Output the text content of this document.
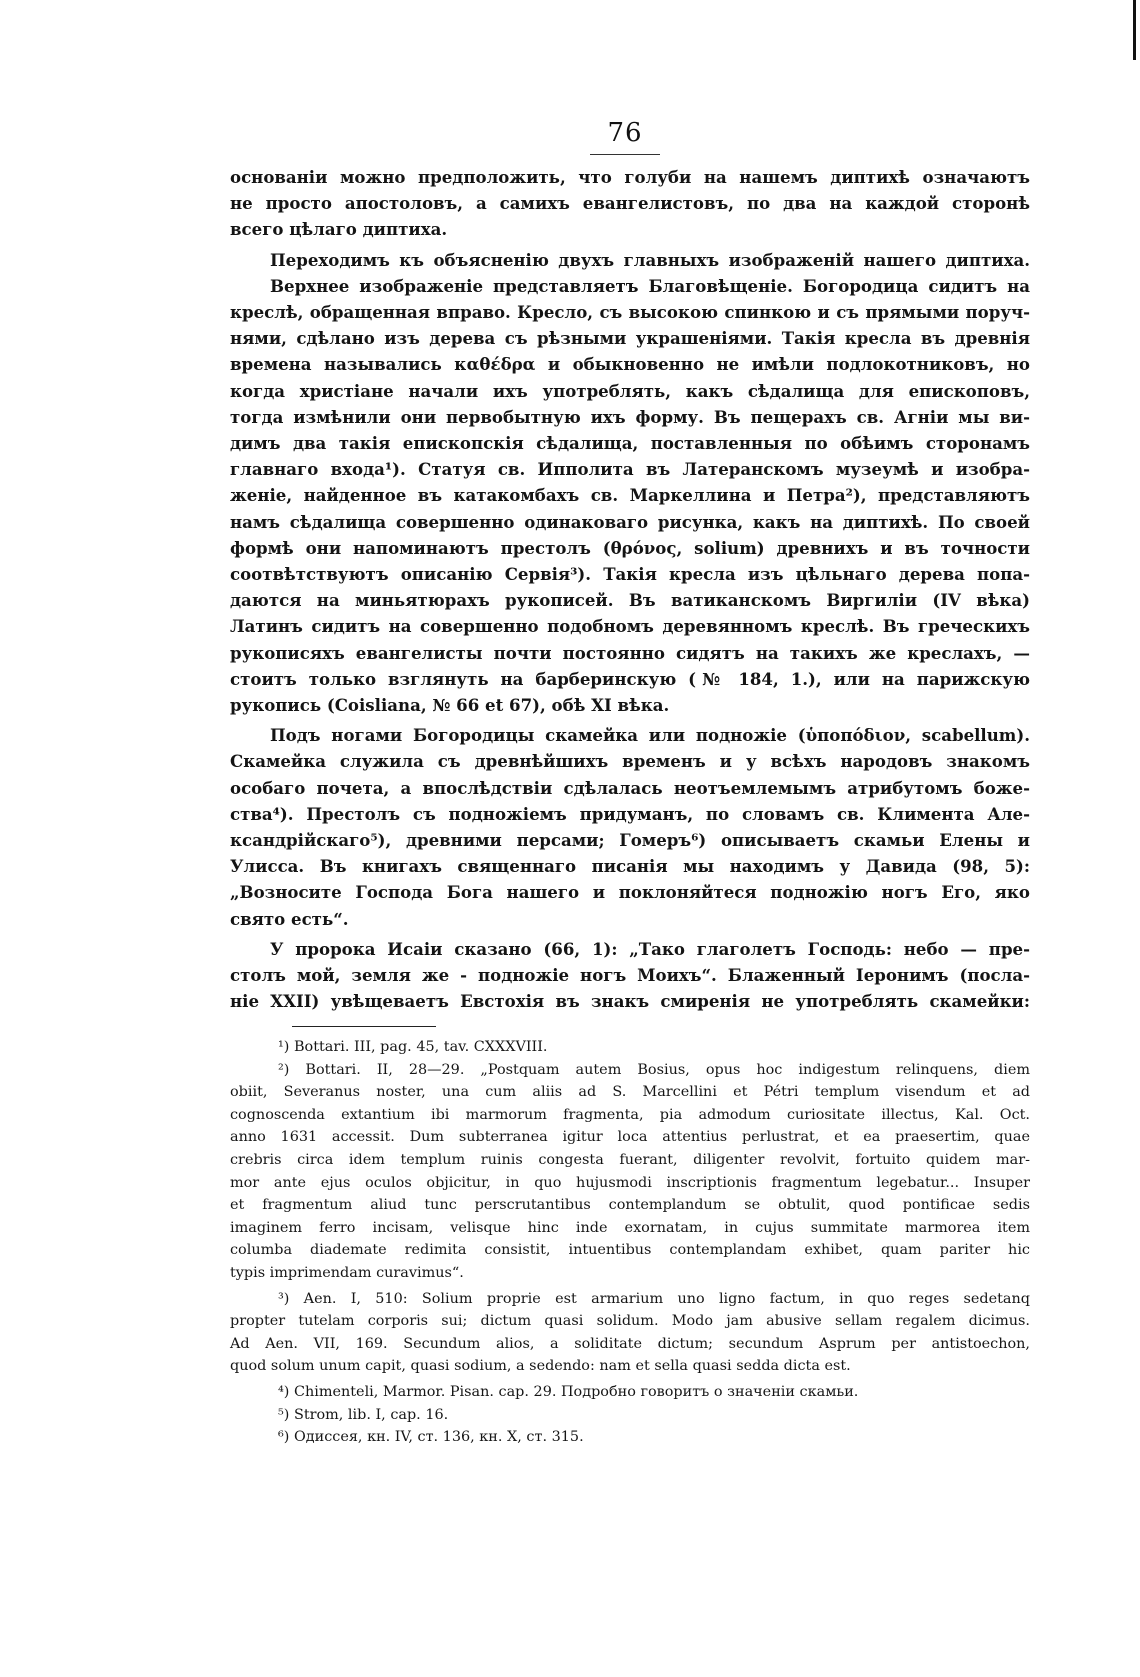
76
основанiи можно предположить, что голуби на нашемъ диптихѣ означаютъ
не просто апостоловъ, а самихъ евангелистовъ, по два на каждой сторонѣ
всего цѣлаго диптиха.
Переходимъ къ объясненiю двухъ главныхъ изображенiй нашего диптиха.
Верхнее изображенiе представляетъ Благовѣщенiе. Богородица сидитъ на
креслѣ, обращенная вправо. Кресло, съ высокою спинкою и съ прямыми поруч-
нями, сдѣлано изъ дерева съ рѣзными украшенiями. Такiя кресла въ древнiя
времена назывались καθέδρα и обыкновенно не имѣли подлокотниковъ, но
когда христiане начали ихъ употреблять, какъ сѣдалища для епископовъ,
тогда измѣнили они первобытную ихъ форму. Въ пещерахъ св. Агнiи мы ви-
димъ два такiя епископскiя сѣдалища, поставленныя по обѣимъ сторонамъ
главнаго входа¹). Статуя св. Ипполита въ Латеранскомъ музеумѣ и изобра-
женiе, найденное въ катакомбахъ св. Маркеллина и Петра²), представляютъ
намъ сѣдалища совершенно одинаковаго рисунка, какъ на диптихѣ. По своей
формѣ они напоминаютъ престолъ (θρόνος, solium) древнихъ и въ точности
соотвѣтствуютъ описанiю Сервiя³). Такiя кресла изъ цѣльнаго дерева попа-
даются на миньятюрахъ рукописей. Въ ватиканскомъ Виргилiи (IV вѣка)
Латинъ сидитъ на совершенно подобномъ деревянномъ креслѣ. Въ греческихъ
рукописяхъ евангелисты почти постоянно сидятъ на такихъ же креслахъ, —
стоитъ только взглянуть на барберинскую (№ 184, 1.), или на парижскую
рукопись (Coisliana, № 66 et 67), обѣ XI вѣка.
Подъ ногами Богородицы скамейка или подножiе (ὑποπόδιον, scabellum).
Скамейка служила съ древнѣйшихъ временъ и у всѣхъ народовъ знакомъ
особаго почета, а впослѣдствiи сдѣлалась неотъемлемымъ атрибутомъ боже-
ства⁴). Престолъ съ подножiемъ придуманъ, по словамъ св. Климента Але-
ксандрiйскаго⁵), древними персами; Гомеръ⁶) описываетъ скамьи Елены и
Улисса. Въ книгахъ священнаго писанiя мы находимъ у Давида (98, 5):
„Возносите Господа Бога нашего и поклоняйтеся подножiю ногъ Его, яко
свято есть“.
У пророка Исаiи сказано (66, 1): „Тако глаголетъ Господь: небо — пре-
столъ мой, земля же - подножiе ногъ Моихъ“. Блаженный Iеронимъ (посла-
нiе XXII) увѣщеваетъ Евстохiя въ знакъ смиренiя не употреблять скамейки:
¹) Bottari. III, pag. 45, tav. CXXXVIII.
²) Bottari. II, 28—29. „Postquam autem Bosius, opus hoc indigestum relinquens, diem
obiit, Severanus noster, una cum aliis ad S. Marcellini et Pétri templum visendum et ad
cognoscenda extantium ibi marmorum fragmenta, pia admodum curiositate illectus, Kal. Oct.
anno 1631 accessit. Dum subterranea igitur loca attentius perlustrat, et ea praesertim, quae
crebris circa idem templum ruinis congesta fuerant, diligenter revolvit, fortuito quidem mar-
mor ante ejus oculos objicitur, in quo hujusmodi inscriptionis fragmentum legebatur... Insuper
et fragmentum aliud tunc perscrutantibus contemplandum se obtulit, quod pontificae sedis
imaginem ferro incisam, velisque hinc inde exornatam, in cujus summitate marmorea item
columba diademate redimita consistit, intuentibus contemplandam exhibet, quam pariter hic
typis imprimendam curavimus“.
³) Aen. I, 510: Solium proprie est armarium uno ligno factum, in quo reges sedetanq
propter tutelam corporis sui; dictum quasi solidum. Modo jam abusive sellam regalem dicimus.
Ad Aen. VII, 169. Secundum alios, a soliditate dictum; secundum Asprum per antistoechon,
quod solum unum capit, quasi sodium, a sedendo: nam et sella quasi sedda dicta est.
⁴) Chimenteli, Marmor. Pisan. cap. 29. Подробно говоритъ о значенiи скамьи.
⁵) Strom, lib. I, cap. 16.
⁶) Одиссея, кн. IV, ст. 136, кн. X, ст. 315.
